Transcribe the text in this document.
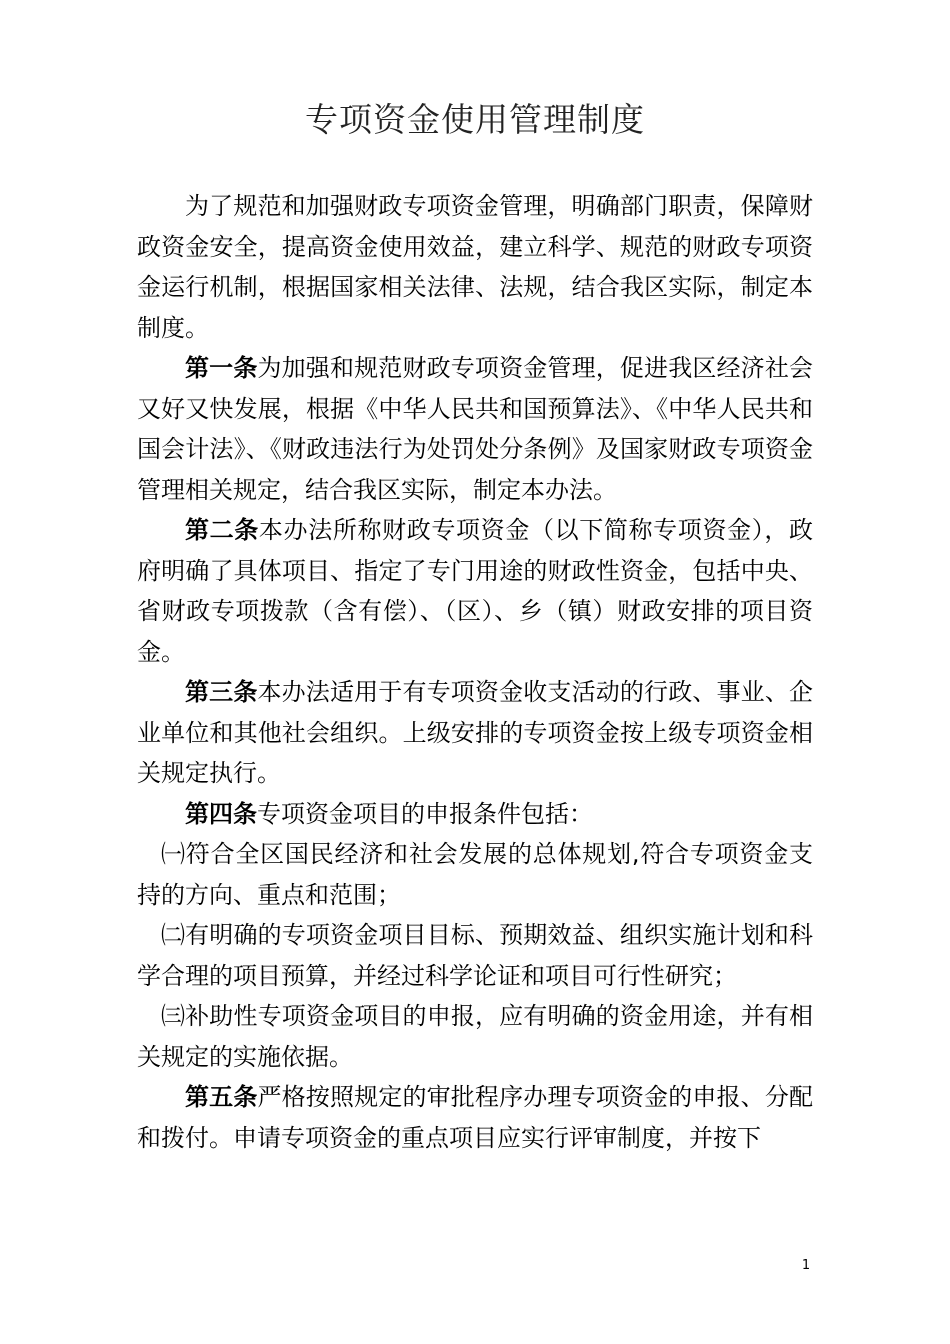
专项资金使用管理制度

为了规范和加强财政专项资金管理，明确部门职责，保障财政资金安全，提高资金使用效益，建立科学、规范的财政专项资金运行机制，根据国家相关法律、法规，结合我区实际，制定本制度。

第一条为加强和规范财政专项资金管理，促进我区经济社会又好又快发展，根据《中华人民共和国预算法》、《中华人民共和国会计法》、《财政违法行为处罚处分条例》及国家财政专项资金管理相关规定，结合我区实际，制定本办法。

第二条本办法所称财政专项资金（以下简称专项资金），政府明确了具体项目、指定了专门用途的财政性资金，包括中央、省财政专项拨款（含有偿）、（区）、乡（镇）财政安排的项目资金。

第三条本办法适用于有专项资金收支活动的行政、事业、企业单位和其他社会组织。上级安排的专项资金按上级专项资金相关规定执行。

第四条专项资金项目的申报条件包括：

㈠符合全区国民经济和社会发展的总体规划,符合专项资金支持的方向、重点和范围；

㈡有明确的专项资金项目目标、预期效益、组织实施计划和科学合理的项目预算，并经过科学论证和项目可行性研究；

㈢补助性专项资金项目的申报，应有明确的资金用途，并有相关规定的实施依据。

第五条严格按照规定的审批程序办理专项资金的申报、分配和拨付。申请专项资金的重点项目应实行评审制度，并按下

1
